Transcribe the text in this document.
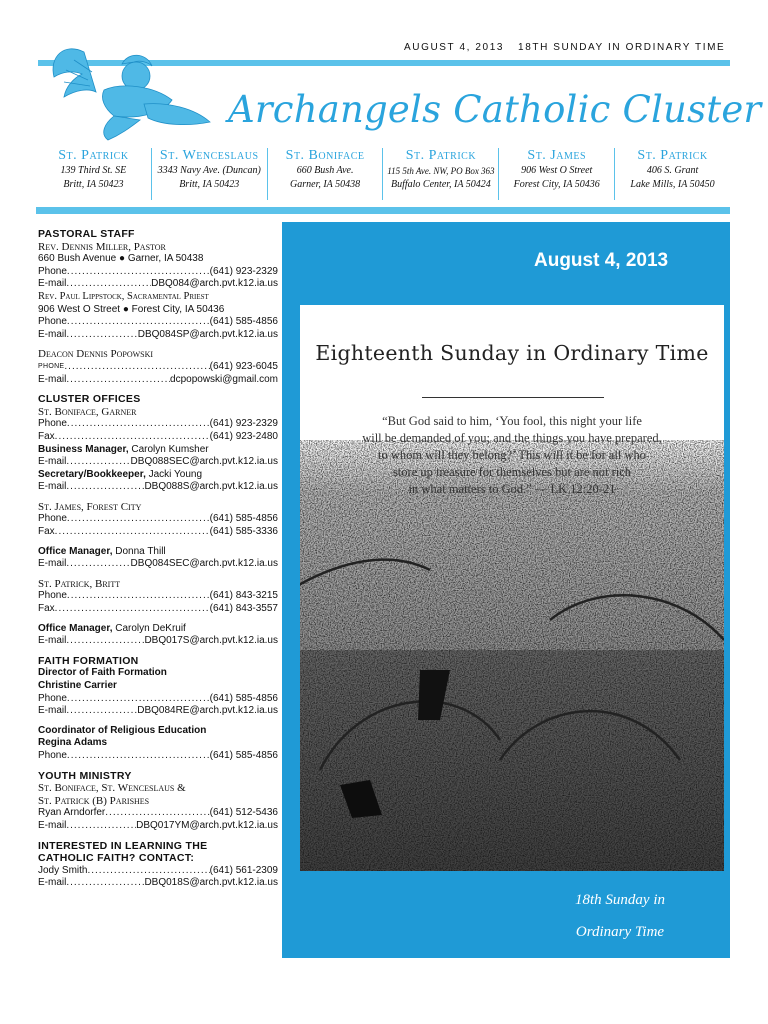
AUGUST 4, 2013 18TH SUNDAY IN ORDINARY TIME
Archangels Catholic Cluster
St. Patrick
139 Third St. SE
Britt, IA 50423
St. Wenceslaus
3343 Navy Ave. (Duncan)
Britt, IA 50423
St. Boniface
660 Bush Ave.
Garner, IA 50438
St. Patrick
115 5th Ave. NW, PO Box 363
Buffalo Center, IA 50424
St. James
906 West O Street
Forest City, IA 50436
St. Patrick
406 S. Grant
Lake Mills, IA 50450
PASTORAL STAFF
Rev. Dennis Miller, Pastor
660 Bush Avenue ● Garner, IA 50438
Phone .....	(641) 923-2329
E-mail .....	DBQ084@arch.pvt.k12.ia.us
Rev. Paul Lippstock, Sacramental Priest
906 West O Street ● Forest City, IA 50436
Phone .....	(641) 585-4856
E-mail .....	DBQ084SP@arch.pvt.k12.ia.us
Deacon Dennis Popowski
PHONE .....	(641) 923-6045
E-mail .....	dcpopowski@gmail.com
CLUSTER OFFICES
St. Boniface, Garner
Phone .....	(641) 923-2329
Fax .....	(641) 923-2480
Business Manager, Carolyn Kumsher
E-mail .....	DBQ088SEC@arch.pvt.k12.ia.us
Secretary/Bookkeeper, Jacki Young
E-mail .....	DBQ088S@arch.pvt.k12.ia.us
St. James, Forest City
Phone .....	(641) 585-4856
Fax .....	(641) 585-3336
Office Manager, Donna Thill
E-mail .....	DBQ084SEC@arch.pvt.k12.ia.us
St. Patrick, Britt
Phone .....	(641) 843-3215
Fax .....	(641) 843-3557
Office Manager, Carolyn DeKruif
E-mail .....	DBQ017S@arch.pvt.k12.ia.us
FAITH FORMATION
Director of Faith Formation
Christine Carrier
Phone .....	(641) 585-4856
E-mail .....	DBQ084RE@arch.pvt.k12.ia.us
Coordinator of Religious Education
Regina Adams
Phone .....	(641) 585-4856
YOUTH MINISTRY
St. Boniface, St. Wenceslaus &
St. Patrick (B) Parishes
Ryan Arndorfer .....	(641) 512-5436
E-mail .....	DBQ017YM@arch.pvt.k12.ia.us
INTERESTED IN LEARNING THE
CATHOLIC FAITH? CONTACT:
Jody Smith .....	(641) 561-2309
E-mail .....	DBQ018S@arch.pvt.k12.ia.us
August 4, 2013
Eighteenth Sunday in Ordinary Time
“But God said to him, ‘You fool, this night your life
will be demanded of you; and the things you have prepared,
to whom will they belong?’ This will it be for all who
store up treasure for themselves but are not rich
in what matters to God.” — LK 12:20-21
18th Sunday in
Ordinary Time
